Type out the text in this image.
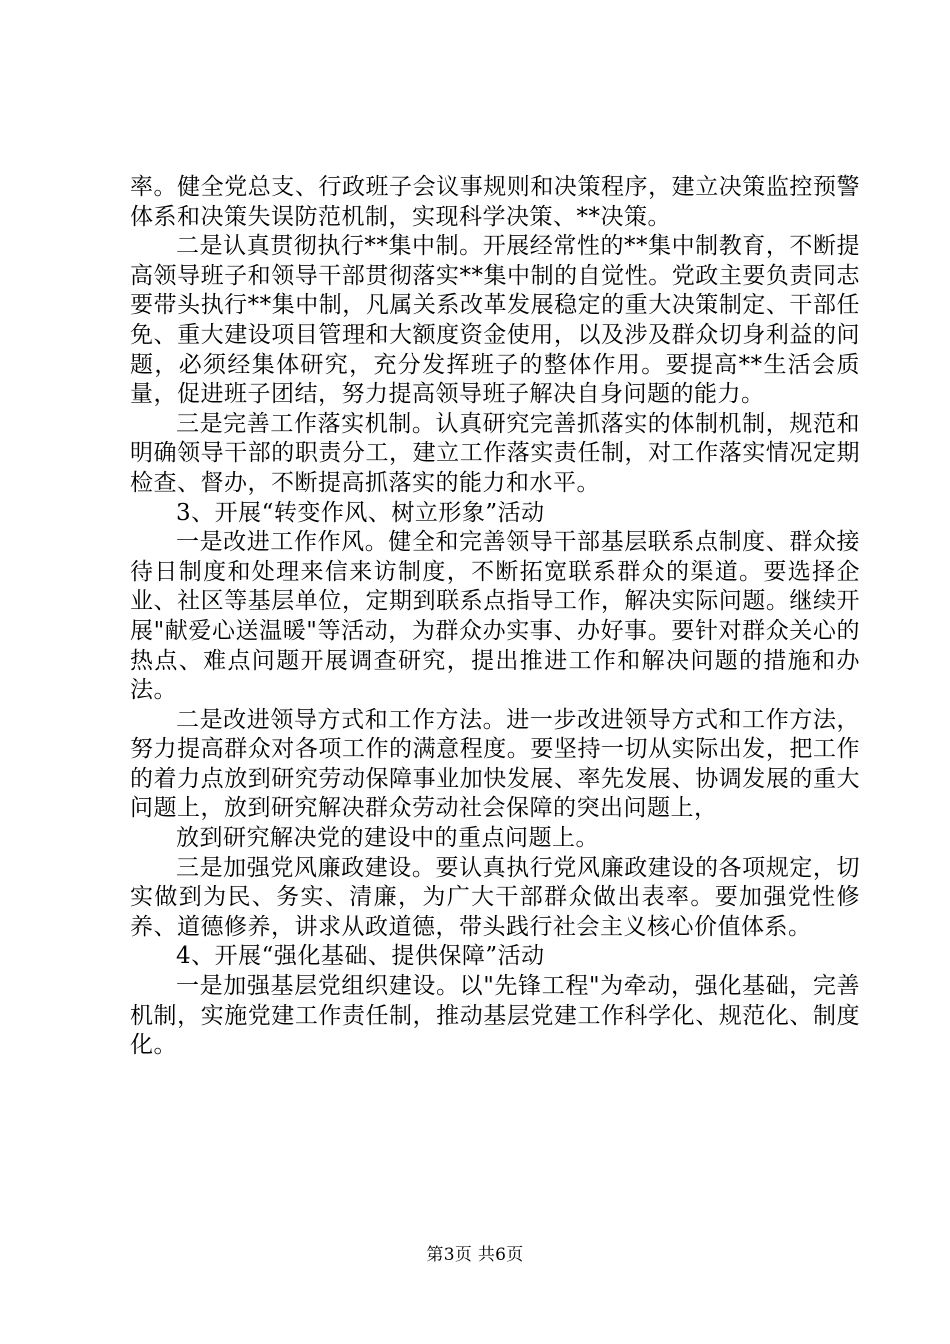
率。健全党总支、行政班子会议事规则和决策程序，建立决策监控预警体系和决策失误防范机制，实现科学决策、**决策。

二是认真贯彻执行**集中制。开展经常性的**集中制教育，不断提高领导班子和领导干部贯彻落实**集中制的自觉性。党政主要负责同志要带头执行**集中制，凡属关系改革发展稳定的重大决策制定、干部任免、重大建设项目管理和大额度资金使用，以及涉及群众切身利益的问题，必须经集体研究，充分发挥班子的整体作用。要提高**生活会质量，促进班子团结，努力提高领导班子解决自身问题的能力。

三是完善工作落实机制。认真研究完善抓落实的体制机制，规范和明确领导干部的职责分工，建立工作落实责任制，对工作落实情况定期检查、督办，不断提高抓落实的能力和水平。

3、开展“转变作风、树立形象”活动

一是改进工作作风。健全和完善领导干部基层联系点制度、群众接待日制度和处理来信来访制度，不断拓宽联系群众的渠道。要选择企业、社区等基层单位，定期到联系点指导工作，解决实际问题。继续开展"献爱心送温暖"等活动，为群众办实事、办好事。要针对群众关心的热点、难点问题开展调查研究，提出推进工作和解决问题的措施和办法。

二是改进领导方式和工作方法。进一步改进领导方式和工作方法，努力提高群众对各项工作的满意程度。要坚持一切从实际出发，把工作的着力点放到研究劳动保障事业加快发展、率先发展、协调发展的重大问题上，放到研究解决群众劳动社会保障的突出问题上，

放到研究解决党的建设中的重点问题上。

三是加强党风廉政建设。要认真执行党风廉政建设的各项规定，切实做到为民、务实、清廉，为广大干部群众做出表率。要加强党性修养、道德修养，讲求从政道德，带头践行社会主义核心价值体系。

4、开展“强化基础、提供保障”活动

一是加强基层党组织建设。以"先锋工程"为牵动，强化基础，完善机制，实施党建工作责任制，推动基层党建工作科学化、规范化、制度化。

第3页 共6页
